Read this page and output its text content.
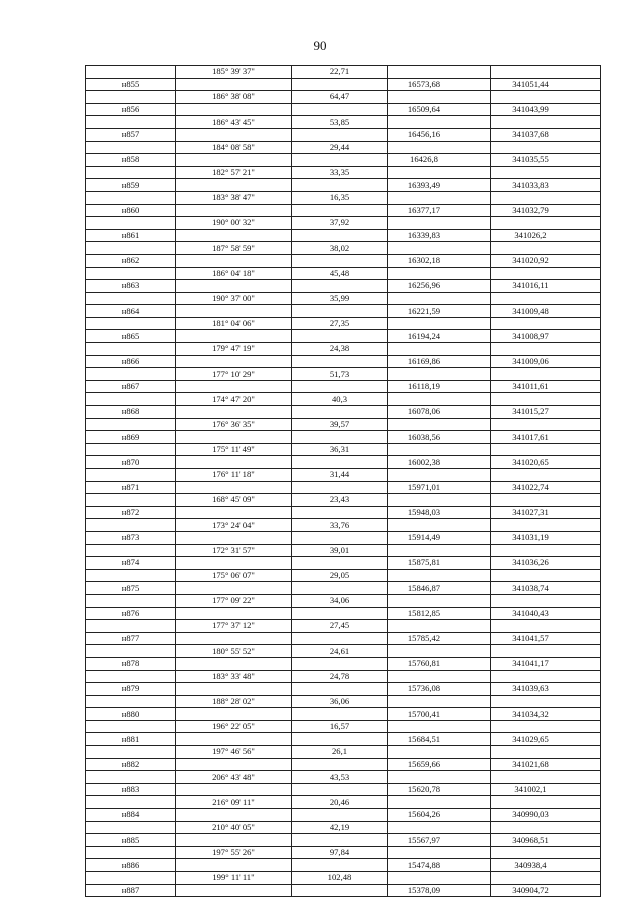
90
	185° 39' 37"	22,71		
н855			16573,68	341051,44
	186° 38' 08"	64,47		
н856			16509,64	341043,99
	186° 43' 45"	53,85		
н857			16456,16	341037,68
	184° 08' 58"	29,44		
н858			16426,8	341035,55
	182° 57' 21"	33,35		
н859			16393,49	341033,83
	183° 38' 47"	16,35		
н860			16377,17	341032,79
	190° 00' 32"	37,92		
н861			16339,83	341026,2
	187° 58' 59"	38,02		
н862			16302,18	341020,92
	186° 04' 18"	45,48		
н863			16256,96	341016,11
	190° 37' 00"	35,99		
н864			16221,59	341009,48
	181° 04' 06"	27,35		
н865			16194,24	341008,97
	179° 47' 19"	24,38		
н866			16169,86	341009,06
	177° 10' 29"	51,73		
н867			16118,19	341011,61
	174° 47' 20"	40,3		
н868			16078,06	341015,27
	176° 36' 35"	39,57		
н869			16038,56	341017,61
	175° 11' 49"	36,31		
н870			16002,38	341020,65
	176° 11' 18"	31,44		
н871			15971,01	341022,74
	168° 45' 09"	23,43		
н872			15948,03	341027,31
	173° 24' 04"	33,76		
н873			15914,49	341031,19
	172° 31' 57"	39,01		
н874			15875,81	341036,26
	175° 06' 07"	29,05		
н875			15846,87	341038,74
	177° 09' 22"	34,06		
н876			15812,85	341040,43
	177° 37' 12"	27,45		
н877			15785,42	341041,57
	180° 55' 52"	24,61		
н878			15760,81	341041,17
	183° 33' 48"	24,78		
н879			15736,08	341039,63
	188° 28' 02"	36,06		
н880			15700,41	341034,32
	196° 22' 05"	16,57		
н881			15684,51	341029,65
	197° 46' 56"	26,1		
н882			15659,66	341021,68
	206° 43' 48"	43,53		
н883			15620,78	341002,1
	216° 09' 11"	20,46		
н884			15604,26	340990,03
	210° 40' 05"	42,19		
н885			15567,97	340968,51
	197° 55' 26"	97,84		
н886			15474,88	340938,4
	199° 11' 11"	102,48		
н887			15378,09	340904,72
